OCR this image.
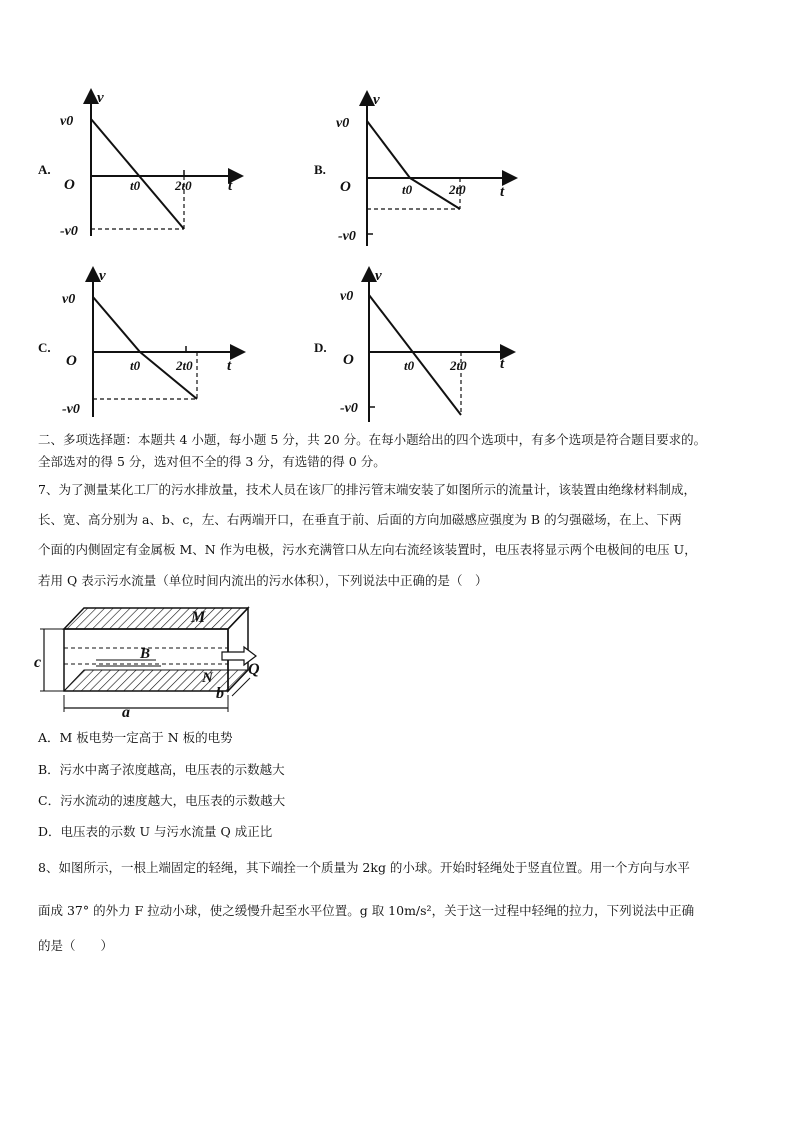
A.
v
v0
O	t0	2t0 t
-v0
B.
v
v0
O	t0	2t0 t
-v0
C.
v
v0
O	t0	2t0 t
-v0
D.
v
v0
O	t0	2t0 t
-v0
二、多项选择题：本题共 4 小题，每小题 5 分，共 20 分。在每小题给出的四个选项中，有多个选项是符合题目要求的。
全部选对的得 5 分，选对但不全的得 3 分，有选错的得 0 分。
7、为了测量某化工厂的污水排放量，技术人员在该厂的排污管末端安装了如图所示的流量计，该装置由绝缘材料制成，
长、宽、高分别为 a、b、c，左、右两端开口，在垂直于前、后面的方向加磁感应强度为 B 的匀强磁场，在上、下两
个面的内侧固定有金属板 M、N 作为电极，污水充满管口从左向右流经该装置时，电压表将显示两个电极间的电压 U，
若用 Q 表示污水流量（单位时间内流出的污水体积），下列说法中正确的是（　）
M
N
B
Q
a
b
c
A．M 板电势一定高于 N 板的电势
B．污水中离子浓度越高，电压表的示数越大
C．污水流动的速度越大，电压表的示数越大
D．电压表的示数 U 与污水流量 Q 成正比
8、如图所示，一根上端固定的轻绳，其下端拴一个质量为 2kg 的小球。开始时轻绳处于竖直位置。用一个方向与水平
面成 37° 的外力 F 拉动小球，使之缓慢升起至水平位置。g 取 10m/s²，关于这一过程中轻绳的拉力，下列说法中正确
的是（　　）
